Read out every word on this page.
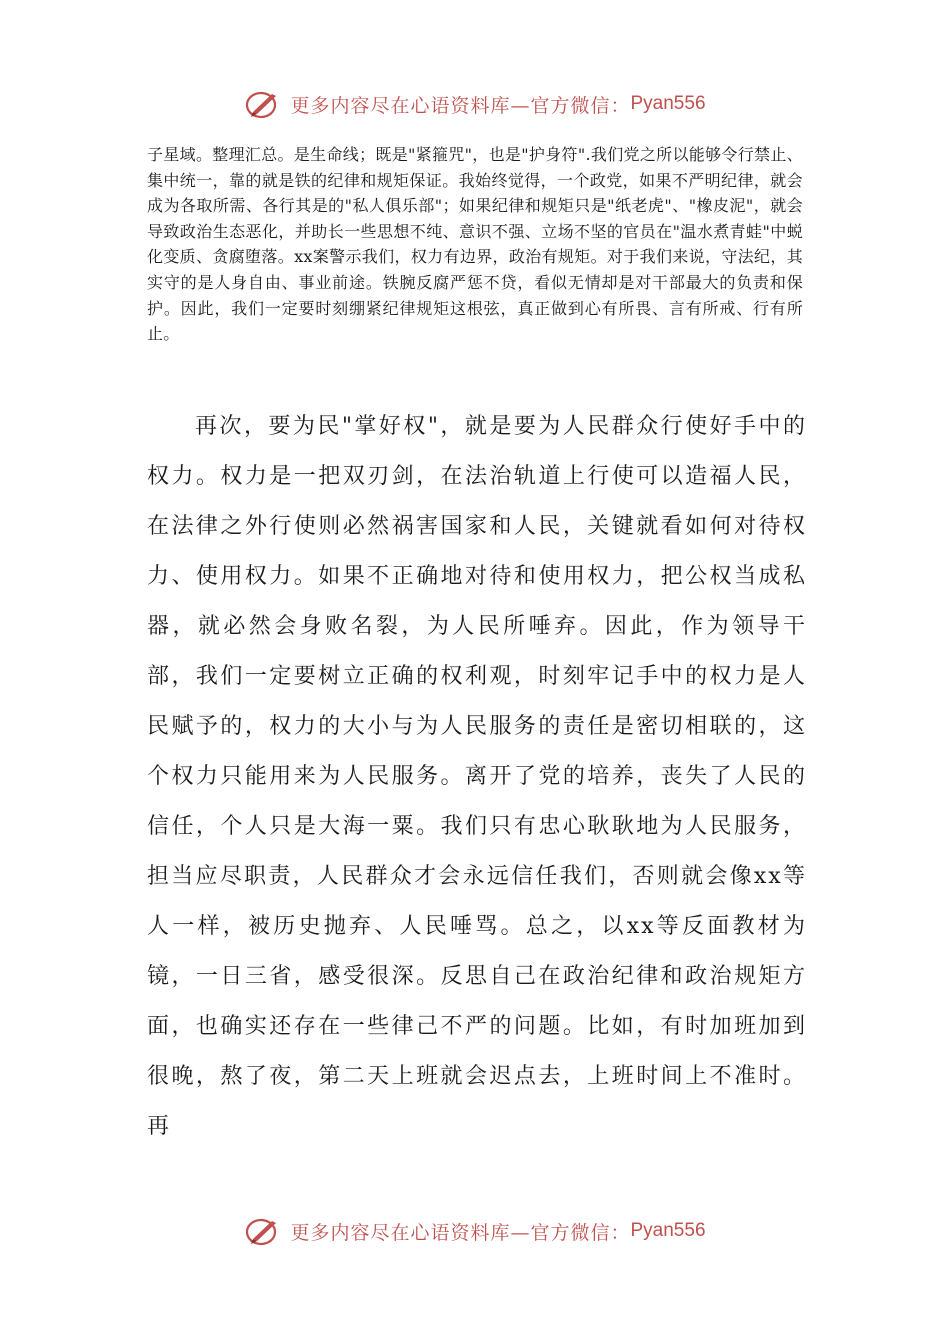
更多内容尽在心语资料库—官方微信： Pyan556

子星域。整理汇总。是生命线；既是"紧箍咒"，也是"护身符".我们党之所以能够令行禁止、集中统一，靠的就是铁的纪律和规矩保证。我始终觉得，一个政党，如果不严明纪律，就会成为各取所需、各行其是的"私人俱乐部"；如果纪律和规矩只是"纸老虎"、"橡皮泥"，就会导致政治生态恶化，并助长一些思想不纯、意识不强、立场不坚的官员在"温水煮青蛙"中蜕化变质、贪腐堕落。xx案警示我们，权力有边界，政治有规矩。对于我们来说，守法纪，其实守的是人身自由、事业前途。铁腕反腐严惩不贷，看似无情却是对干部最大的负责和保护。因此，我们一定要时刻绷紧纪律规矩这根弦，真正做到心有所畏、言有所戒、行有所止。

再次，要为民"掌好权"，就是要为人民群众行使好手中的权力。权力是一把双刃剑，在法治轨道上行使可以造福人民，在法律之外行使则必然祸害国家和人民，关键就看如何对待权力、使用权力。如果不正确地对待和使用权力，把公权当成私器，就必然会身败名裂，为人民所唾弃。因此，作为领导干部，我们一定要树立正确的权利观，时刻牢记手中的权力是人民赋予的，权力的大小与为人民服务的责任是密切相联的，这个权力只能用来为人民服务。离开了党的培养，丧失了人民的信任，个人只是大海一粟。我们只有忠心耿耿地为人民服务，担当应尽职责，人民群众才会永远信任我们，否则就会像xx等人一样，被历史抛弃、人民唾骂。总之，以xx等反面教材为镜，一日三省，感受很深。反思自己在政治纪律和政治规矩方面，也确实还存在一些律己不严的问题。比如，有时加班加到很晚，熬了夜，第二天上班就会迟点去，上班时间上不准时。再

更多内容尽在心语资料库—官方微信： Pyan556
